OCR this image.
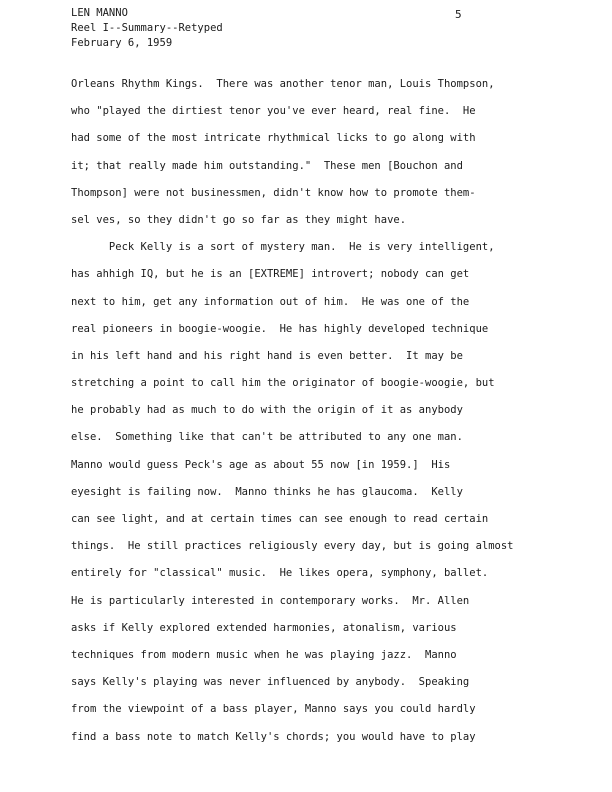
LEN MANNO
Reel I--Summary--Retyped
February 6, 1959
5
Orleans Rhythm Kings.  There was another tenor man, Louis Thompson,
who "played the dirtiest tenor you've ever heard, real fine.  He
had some of the most intricate rhythmical licks to go along with
it; that really made him outstanding."  These men [Bouchon and
Thompson] were not businessmen, didn't know how to promote them-
sel ves, so they didn't go so far as they might have.
Peck Kelly is a sort of mystery man.  He is very intelligent,
has ahhigh IQ, but he is an [EXTREME] introvert; nobody can get
next to him, get any information out of him.  He was one of the
real pioneers in boogie-woogie.  He has highly developed technique
in his left hand and his right hand is even better.  It may be
stretching a point to call him the originator of boogie-woogie, but
he probably had as much to do with the origin of it as anybody
else.  Something like that can't be attributed to any one man.
Manno would guess Peck's age as about 55 now [in 1959.]  His
eyesight is failing now.  Manno thinks he has glaucoma.  Kelly
can see light, and at certain times can see enough to read certain
things.  He still practices religiously every day, but is going almost
entirely for "classical" music.  He likes opera, symphony, ballet.
He is particularly interested in contemporary works.  Mr. Allen
asks if Kelly explored extended harmonies, atonalism, various
techniques from modern music when he was playing jazz.  Manno
says Kelly's playing was never influenced by anybody.  Speaking
from the viewpoint of a bass player, Manno says you could hardly
find a bass note to match Kelly's chords; you would have to play
